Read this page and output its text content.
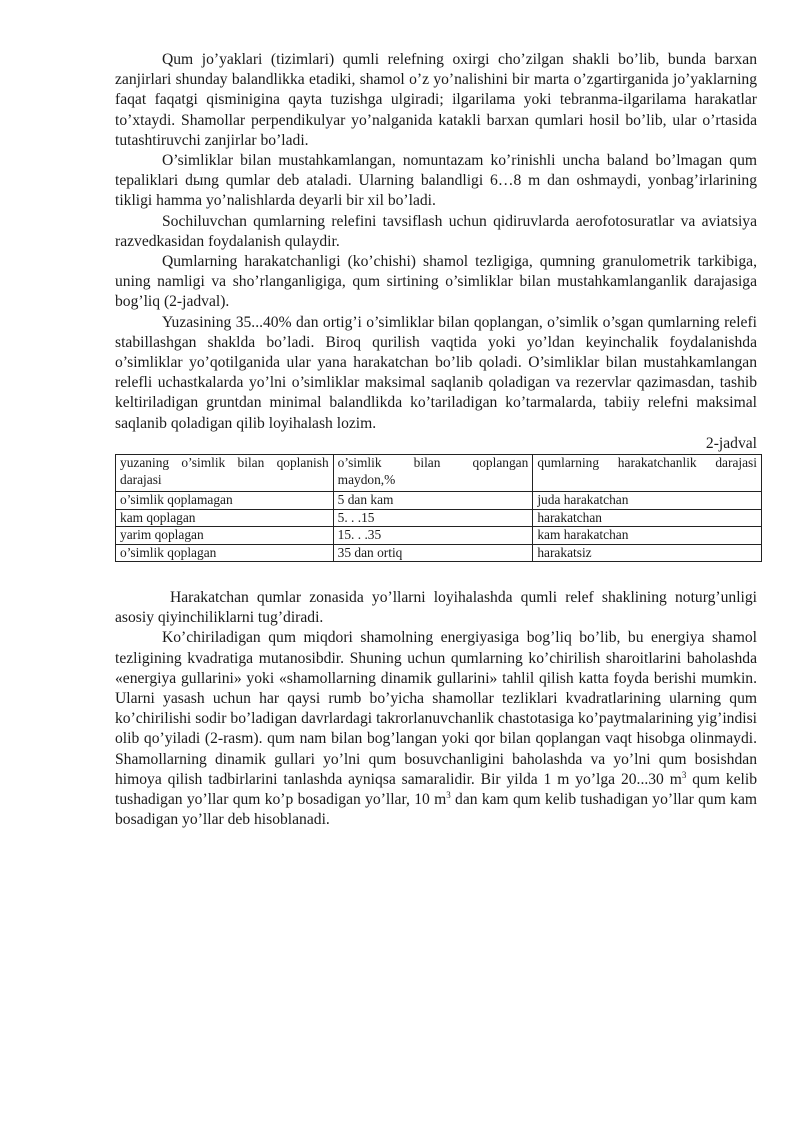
Qum jo’yaklari (tizimlari) qumli relefning oxirgi cho’zilgan shakli bo’lib, bunda barxan zanjirlari shunday balandlikka etadiki, shamol o’z yo’nalishini bir marta o’zgartirganida jo’yaklarning faqat faqatgi qisminigina qayta tuzishga ulgiradi; ilgarilama yoki tebranma-ilgarilama harakatlar to’xtaydi. Shamollar perpendikulyar yo’nalganida katakli barxan qumlari hosil bo’lib, ular o’rtasida tutashtiruvchi zanjirlar bo’ladi.

O’simliklar bilan mustahkamlangan, nomuntazam ko’rinishli uncha baland bo’lmagan qum tepaliklari dыng qumlar deb ataladi. Ularning balandligi 6…8 m dan oshmaydi, yonbag’irlarining tikligi hamma yo’nalishlarda deyarli bir xil bo’ladi.

Sochiluvchan qumlarning relefini tavsiflash uchun qidiruvlarda aerofotosuratlar va aviatsiya razvedkasidan foydalanish qulaydir.

Qumlarning harakatchanligi (ko’chishi) shamol tezligiga, qumning granulometrik tarkibiga, uning namligi va sho’rlanganligiga, qum sirtining o’simliklar bilan mustahkamlanganlik darajasiga bog’liq (2-jadval).

Yuzasining 35...40% dan ortig’i o’simliklar bilan qoplangan, o’simlik o’sgan qumlarning relefi stabillashgan shaklda bo’ladi. Biroq qurilish vaqtida yoki yo’ldan keyinchalik foydalanishda o’simliklar yo’qotilganida ular yana harakatchan bo’lib qoladi. O’simliklar bilan mustahkamlangan relefli uchastkalarda yo’lni o’simliklar maksimal saqlanib qoladigan va rezervlar qazimasdan, tashib keltiriladigan gruntdan minimal balandlikda ko’tariladigan ko’tarmalarda, tabiiy relefni maksimal saqlanib qoladigan qilib loyihalash lozim.

2-jadval

yuzaning o’simlik bilan qoplanish darajasi	o’simlik bilan qoplangan maydon,%	qumlarning harakatchanlik darajasi
o’simlik qoplamagan	5 dan kam	juda harakatchan
kam qoplagan	5. . .15	harakatchan
yarim qoplagan	15. . .35	kam harakatchan
o’simlik qoplagan	35 dan ortiq	harakatsiz

Harakatchan qumlar zonasida yo’llarni loyihalashda qumli relef shaklining noturg’unligi asosiy qiyinchiliklarni tug’diradi.

Ko’chiriladigan qum miqdori shamolning energiyasiga bog’liq bo’lib, bu energiya shamol tezligining kvadratiga mutanosibdir. Shuning uchun qumlarning ko’chirilish sharoitlarini baholashda «energiya gullarini» yoki «shamollarning dinamik gullarini» tahlil qilish katta foyda berishi mumkin. Ularni yasash uchun har qaysi rumb bo’yicha shamollar tezliklari kvadratlarining ularning qum ko’chirilishi sodir bo’ladigan davrlardagi takrorlanuvchanlik chastotasiga ko’paytmalarining yig’indisi olib qo’yiladi (2-rasm). qum nam bilan bog’langan yoki qor bilan qoplangan vaqt hisobga olinmaydi. Shamollarning dinamik gullari yo’lni qum bosuvchanligini baholashda va yo’lni qum bosishdan himoya qilish tadbirlarini tanlashda ayniqsa samaralidir. Bir yilda 1 m yo’lga 20...30 $m^3$ qum kelib tushadigan yo’llar qum ko’p bosadigan yo’llar, 10 $m^3$ dan kam qum kelib tushadigan yo’llar qum kam bosadigan yo’llar deb hisoblanadi.
